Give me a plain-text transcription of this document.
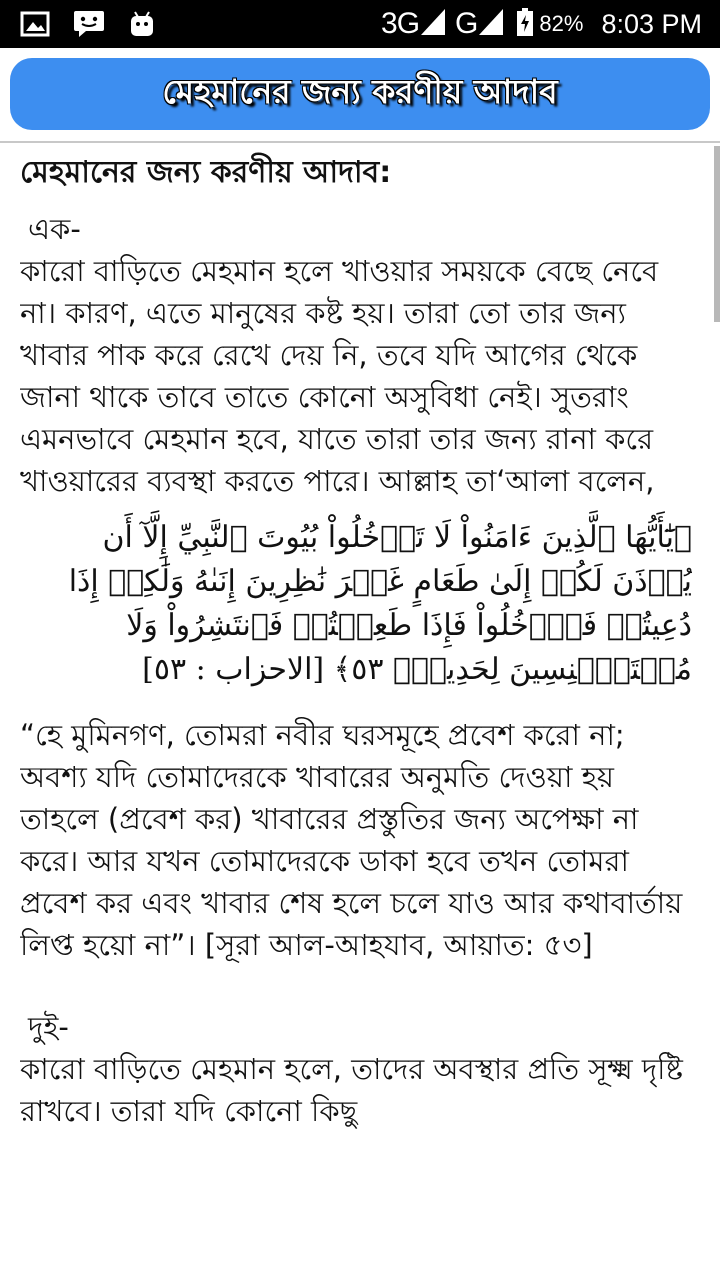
3G G	82% 8:03 PM
মেহমানের জন্য করণীয় আদাব

মেহমানের জন্য করণীয় আদাব:

এক-

কারো বাড়িতে মেহমান হলে খাওয়ার সময়কে বেছে নেবে না। কারণ, এতে মানুষের কষ্ট হয়। তারা তো তার জন্য খাবার পাক করে রেখে দেয় নি, তবে যদি আগের থেকে জানা থাকে তাবে তাতে কোনো অসুবিধা নেই। সুতরাং এমনভাবে মেহমান হবে, যাতে তারা তার জন্য রানা করে খাওয়ারের ব্যবস্থা করতে পারে। আল্লাহ তা‘আলা বলেন,

﴿يَٰٓأَيُّهَا ٱلَّذِينَ ءَامَنُواْ لَا تَدۡخُلُواْ بُيُوتَ ٱلنَّبِيِّ إِلَّآ أَن يُؤۡذَنَ لَكُمۡ إِلَىٰ طَعَامٍ غَيۡرَ نَٰظِرِينَ إِنَىٰهُ وَلَٰكِنۡ إِذَا دُعِيتُمۡ فَٱدۡخُلُواْ فَإِذَا طَعِمۡتُمۡ فَٱنتَشِرُواْ وَلَا مُسۡتَـٔۡنِسِينَ لِحَدِيثٍۚ ٥٣﴾ [الاحزاب : ٥٣]

“হে মুমিনগণ, তোমরা নবীর ঘরসমূহে প্রবেশ করো না; অবশ্য যদি তোমাদেরকে খাবারের অনুমতি দেওয়া হয় তাহলে (প্রবেশ কর) খাবারের প্রস্তুতির জন্য অপেক্ষা না করে। আর যখন তোমাদেরকে ডাকা হবে তখন তোমরা প্রবেশ কর এবং খাবার শেষ হলে চলে যাও আর কথাবার্তায় লিপ্ত হয়ো না”। [সূরা আল-আহযাব, আয়াত: ৫৩]

দুই-

কারো বাড়িতে মেহমান হলে, তাদের অবস্থার প্রতি সূক্ষ্ম দৃষ্টি রাখবে। তারা যদি কোনো কিছু
